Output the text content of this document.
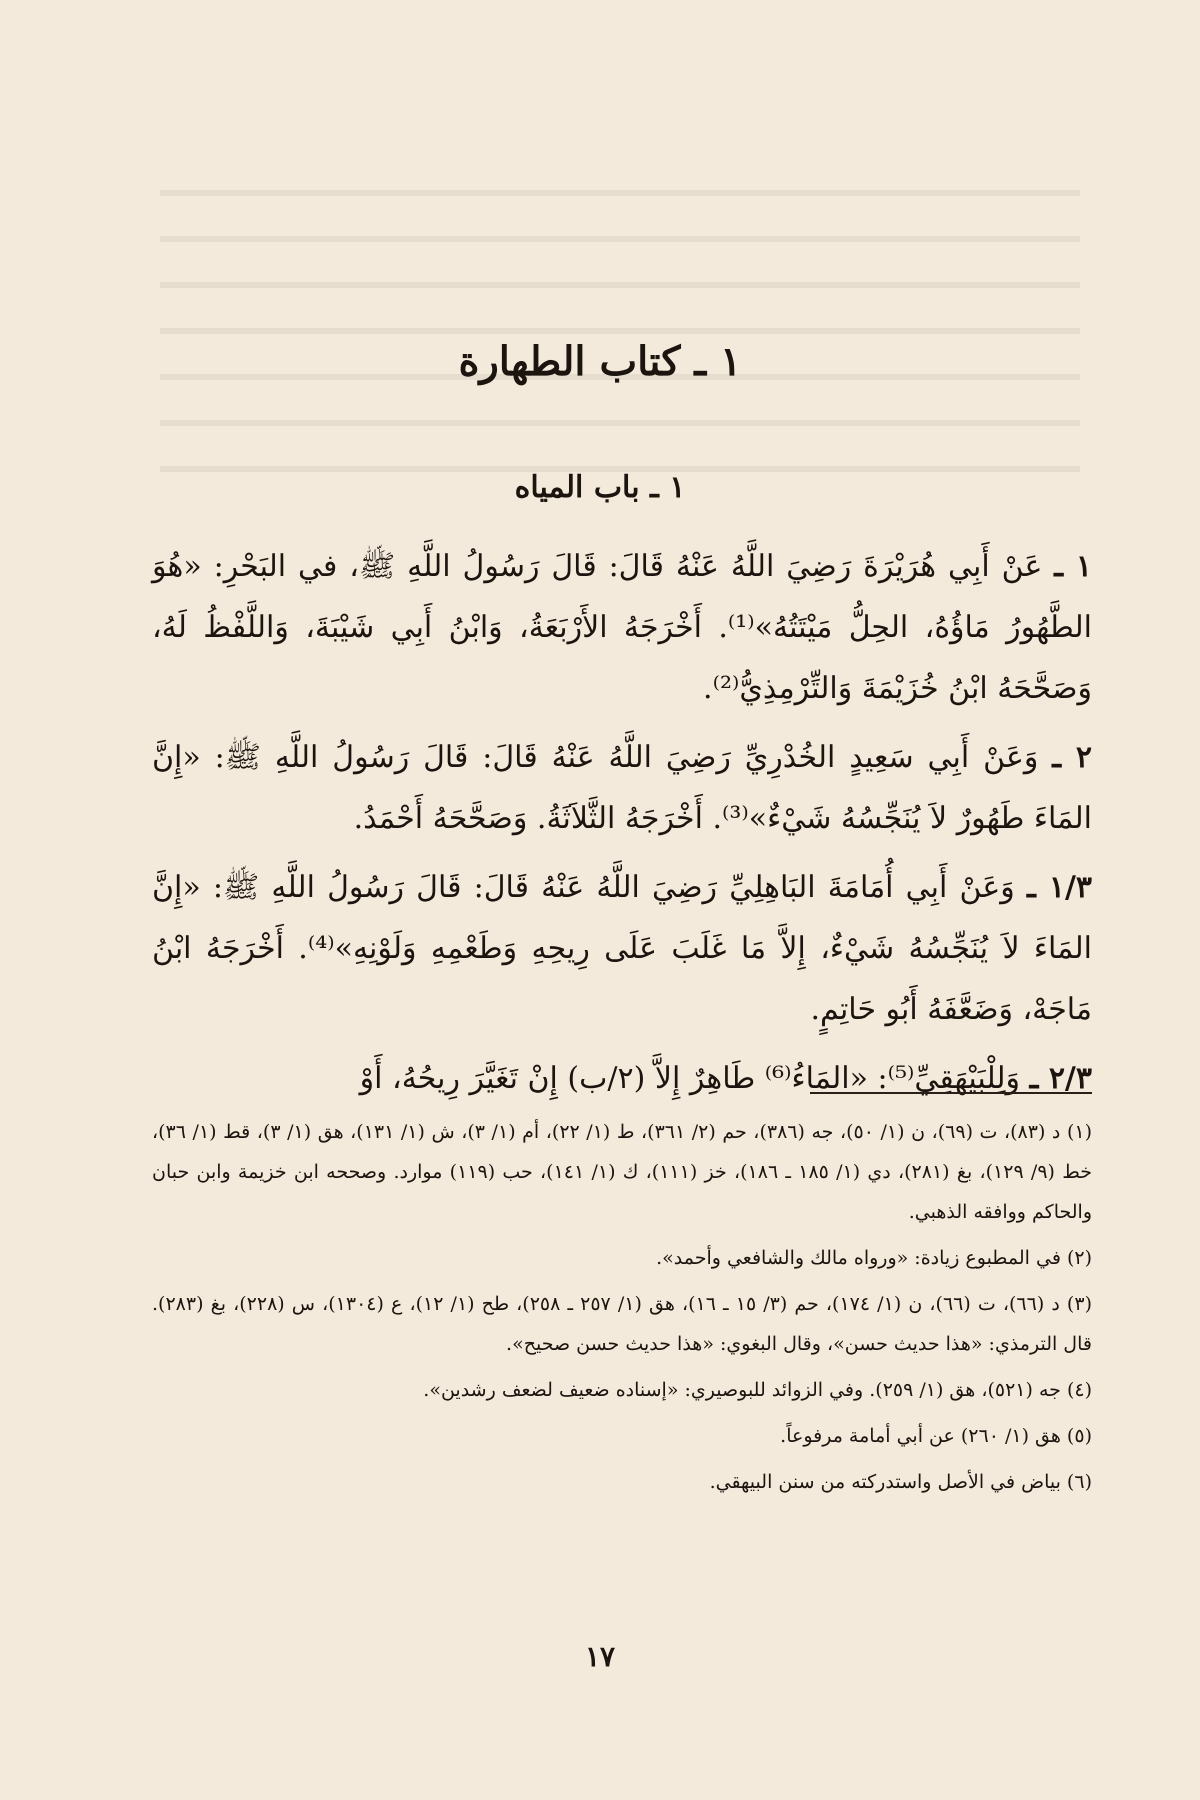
١ ـ كتاب الطهارة
١ ـ باب المياه

١ ـ عَنْ أَبِي هُرَيْرَةَ رَضِيَ اللَّهُ عَنْهُ قَالَ: قَالَ رَسُولُ اللَّهِ ﷺ، في البَحْرِ: «هُوَ الطَّهُورُ مَاؤُهُ، الحِلُّ مَيْتَتُهُ»⁽¹⁾. أَخْرَجَهُ الأَرْبَعَةُ، وَابْنُ أَبِي شَيْبَةَ، وَاللَّفْظُ لَهُ، وَصَحَّحَهُ ابْنُ خُزَيْمَةَ وَالتِّرْمِذِيُّ⁽²⁾.

٢ ـ وَعَنْ أَبِي سَعِيدٍ الخُدْرِيِّ رَضِيَ اللَّهُ عَنْهُ قَالَ: قَالَ رَسُولُ اللَّهِ ﷺ: «إِنَّ المَاءَ طَهُورٌ لاَ يُنَجِّسُهُ شَيْءٌ»⁽³⁾. أَخْرَجَهُ الثَّلاَثَةُ. وَصَحَّحَهُ أَحْمَدُ.

١/٣ ـ وَعَنْ أَبِي أُمَامَةَ البَاهِلِيِّ رَضِيَ اللَّهُ عَنْهُ قَالَ: قَالَ رَسُولُ اللَّهِ ﷺ: «إِنَّ المَاءَ لاَ يُنَجِّسُهُ شَيْءٌ، إِلاَّ مَا غَلَبَ عَلَى رِيحِهِ وَطَعْمِهِ وَلَوْنِهِ»⁽⁴⁾. أَخْرَجَهُ ابْنُ مَاجَهْ، وَضَعَّفَهُ أَبُو حَاتِمٍ.

٢/٣ ـ وَلِلْبَيْهَقِيِّ⁽⁵⁾: «المَاءُ⁽⁶⁾ طَاهِرٌ إِلاَّ (٢/ب) إِنْ تَغَيَّرَ رِيحُهُ، أَوْ

(١) د (٨٣)، ت (٦٩)، ن (١/ ٥٠)، جه (٣٨٦)، حم (٢/ ٣٦١)، ط (١/ ٢٢)، أم (١/ ٣)، ش (١/ ١٣١)، هق (١/ ٣)، قط (١/ ٣٦)، خط (٩/ ١٢٩)، بغ (٢٨١)، دي (١/ ١٨٥ ـ ١٨٦)، خز (١١١)، ك (١/ ١٤١)، حب (١١٩) موارد. وصححه ابن خزيمة وابن حبان والحاكم ووافقه الذهبي.

(٢) في المطبوع زيادة: «ورواه مالك والشافعي وأحمد».

(٣) د (٦٦)، ت (٦٦)، ن (١/ ١٧٤)، حم (٣/ ١٥ ـ ١٦)، هق (١/ ٢٥٧ ـ ٢٥٨)، طح (١/ ١٢)، ع (١٣٠٤)، س (٢٢٨)، بغ (٢٨٣). قال الترمذي: «هذا حديث حسن»، وقال البغوي: «هذا حديث حسن صحيح».

(٤) جه (٥٢١)، هق (١/ ٢٥٩). وفي الزوائد للبوصيري: «إسناده ضعيف لضعف رشدين».

(٥) هق (١/ ٢٦٠) عن أبي أمامة مرفوعاً.

(٦) بياض في الأصل واستدركته من سنن البيهقي.

١٧
